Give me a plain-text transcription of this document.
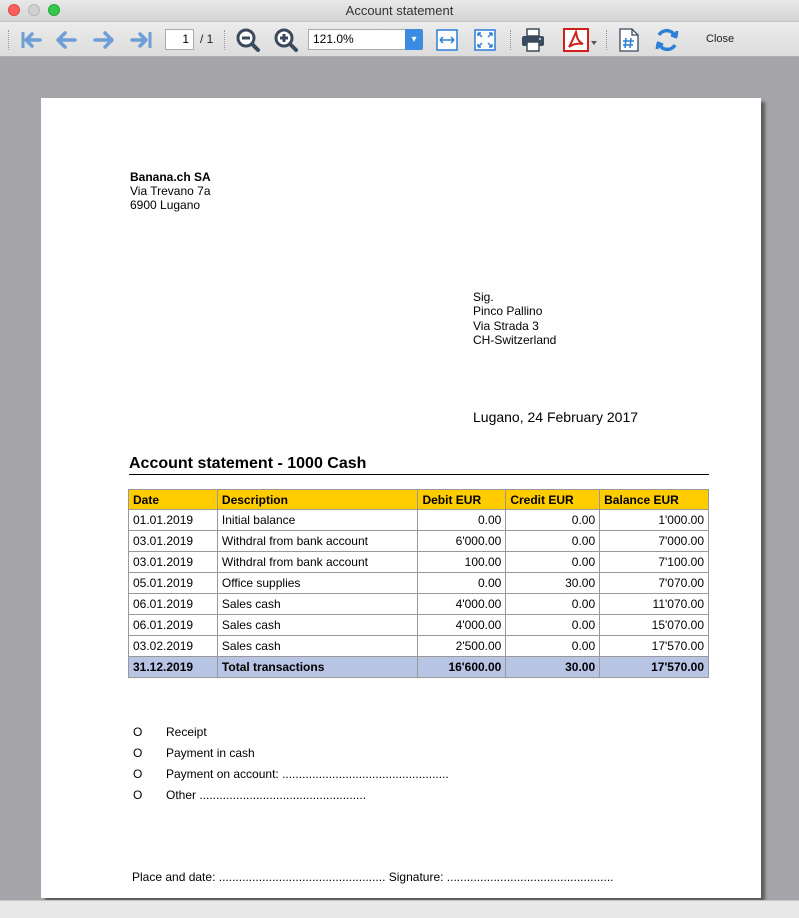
Account statement
1 / 1	121.0%	▾	Close
Banana.ch SA
Via Trevano 7a
6900 Lugano
Sig.
Pinco Pallino
Via Strada 3
CH-Switzerland
Lugano, 24 February 2017
Account statement - 1000 Cash
Date	Description	Debit EUR	Credit EUR	Balance EUR
01.01.2019	Initial balance	0.00	0.00	1'000.00
03.01.2019	Withdral from bank account	6'000.00	0.00	7'000.00
03.01.2019	Withdral from bank account	100.00	0.00	7'100.00
05.01.2019	Office supplies	0.00	30.00	7'070.00
06.01.2019	Sales cash	4'000.00	0.00	11'070.00
06.01.2019	Sales cash	4'000.00	0.00	15'070.00
03.02.2019	Sales cash	2'500.00	0.00	17'570.00
31.12.2019	Total transactions	16'600.00	30.00	17'570.00
O Receipt
O Payment in cash
O Payment on account: ..................................................
O Other ..................................................
Place and date: .................................................. Signature: ..................................................
